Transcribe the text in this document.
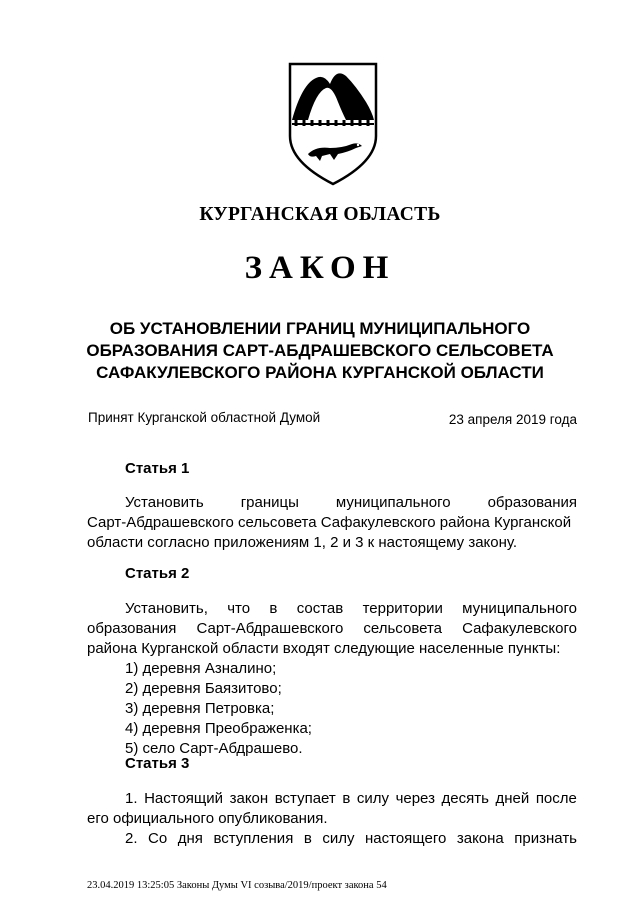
КУРГАНСКАЯ ОБЛАСТЬ
ЗАКОН
ОБ УСТАНОВЛЕНИИ ГРАНИЦ МУНИЦИПАЛЬНОГО
ОБРАЗОВАНИЯ САРТ-АБДРАШЕВСКОГО СЕЛЬСОВЕТА
САФАКУЛЕВСКОГО РАЙОНА КУРГАНСКОЙ ОБЛАСТИ
Принят Курганской областной Думой	23 апреля 2019 года
Статья 1
Установить границы муниципального образования
Сарт-Абдрашевского сельсовета Сафакулевского района Курганской
области согласно приложениям 1, 2 и 3 к настоящему закону.
Статья 2
Установить, что в состав территории муниципального
образования Сарт-Абдрашевского сельсовета Сафакулевского
района Курганской области входят следующие населенные пункты:
1) деревня Азналино;
2) деревня Баязитово;
3) деревня Петровка;
4) деревня Преображенка;
5) село Сарт-Абдрашево.
Статья 3
1. Настоящий закон вступает в силу через десять дней после
его официального опубликования.
2. Со дня вступления в силу настоящего закона признать
23.04.2019 13:25:05 Законы Думы VI созыва/2019/проект закона 54
